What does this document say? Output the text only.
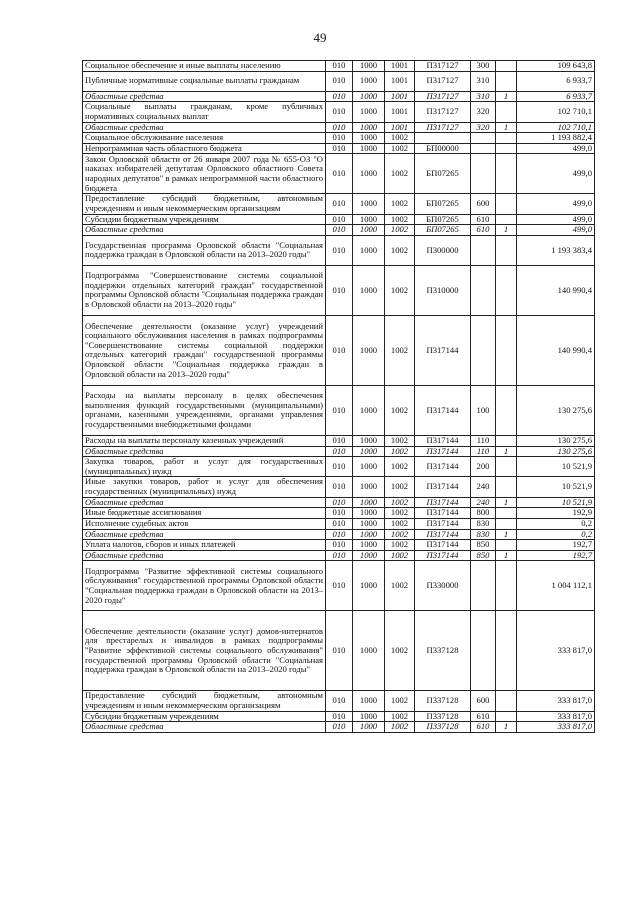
49
Социальное обеспечение и иные выплаты населению	010	1000	1001	П317127	300		109 643,8
Публичные нормативные социальные выплаты гражданам	010	1000	1001	П317127	310		6 933,7
Областные средства	010	1000	1001	П317127	310	1	6 933,7
Социальные выплаты гражданам, кроме публичных нормативных социальных выплат	010	1000	1001	П317127	320		102 710,1
Областные средства	010	1000	1001	П317127	320	1	102 710,1
Социальное обслуживание населения	010	1000	1002				1 193 882,4
Непрограммная часть областного бюджета	010	1000	1002	БП00000			499,0
Закон Орловской области от 26 января 2007 года № 655-ОЗ "О наказах избирателей депутатам Орловского областного Совета народных депутатов" в рамках непрограммной части областного бюджета	010	1000	1002	БП07265			499,0
Предоставление субсидий бюджетным, автономным учреждениям и иным некоммерческим организациям	010	1000	1002	БП07265	600		499,0
Субсидии бюджетным учреждениям	010	1000	1002	БП07265	610		499,0
Областные средства	010	1000	1002	БП07265	610	1	499,0
Государственная программа Орловской области "Социальная поддержка граждан в Орловской области на 2013–2020 годы"	010	1000	1002	П300000			1 193 383,4
Подпрограмма "Совершенствование системы социальной поддержки отдельных категорий граждан" государственной программы Орловской области "Социальная поддержка граждан в Орловской области на 2013–2020 годы"	010	1000	1002	П310000			140 990,4
Обеспечение деятельности (оказание услуг) учреждений социального обслуживания населения в рамках подпрограммы "Совершенствование системы социальной поддержки отдельных категорий граждан" государственной программы Орловской области "Социальная поддержка граждан в Орловской области на 2013–2020 годы"	010	1000	1002	П317144			140 990,4
Расходы на выплаты персоналу в целях обеспечения выполнения функций государственными (муниципальными) органами, казенными учреждениями, органами управления государственными внебюджетными фондами	010	1000	1002	П317144	100		130 275,6
Расходы на выплаты персоналу казенных учреждений	010	1000	1002	П317144	110		130 275,6
Областные средства	010	1000	1002	П317144	110	1	130 275,6
Закупка товаров, работ и услуг для государственных (муниципальных) нужд	010	1000	1002	П317144	200		10 521,9
Иные закупки товаров, работ и услуг для обеспечения государственных (муниципальных) нужд	010	1000	1002	П317144	240		10 521,9
Областные средства	010	1000	1002	П317144	240	1	10 521,9
Иные бюджетные ассигнования	010	1000	1002	П317144	800		192,9
Исполнение судебных актов	010	1000	1002	П317144	830		0,2
Областные средства	010	1000	1002	П317144	830	1	0,2
Уплата налогов, сборов и иных платежей	010	1000	1002	П317144	850		192,7
Областные средства	010	1000	1002	П317144	850	1	192,7
Подпрограмма "Развитие эффективной системы социального обслуживания" государственной программы Орловской области "Социальная поддержка граждан в Орловской области на 2013–2020 годы"	010	1000	1002	П330000			1 004 112,1
Обеспечение деятельности (оказание услуг) домов-интернатов для престарелых и инвалидов в рамках подпрограммы "Развитие эффективной системы социального обслуживания" государственной программы Орловской области "Социальная поддержка граждан в Орловской области на 2013–2020 годы"	010	1000	1002	П337128			333 817,0
Предоставление субсидий бюджетным, автономным учреждениям и иным некоммерческим организациям	010	1000	1002	П337128	600		333 817,0
Субсидии бюджетным учреждениям	010	1000	1002	П337128	610		333 817,0
Областные средства	010	1000	1002	П337128	610	1	333 817,0
